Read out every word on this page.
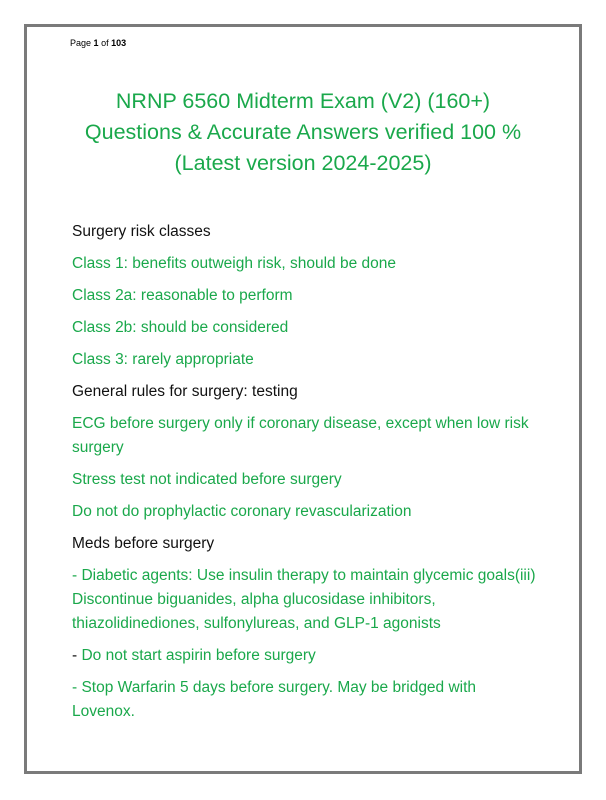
Page 1 of 103
NRNP 6560 Midterm Exam (V2) (160+)
Questions & Accurate Answers verified 100 %
(Latest version 2024-2025)
Surgery risk classes
Class 1: benefits outweigh risk, should be done
Class 2a: reasonable to perform
Class 2b: should be considered
Class 3: rarely appropriate
General rules for surgery: testing
ECG before surgery only if coronary disease, except when low risk surgery
Stress test not indicated before surgery
Do not do prophylactic coronary revascularization
Meds before surgery
- Diabetic agents: Use insulin therapy to maintain glycemic goals(iii) Discontinue biguanides, alpha glucosidase inhibitors, thiazolidinediones, sulfonylureas, and GLP-1 agonists
- Do not start aspirin before surgery
- Stop Warfarin 5 days before surgery. May be bridged with Lovenox.
